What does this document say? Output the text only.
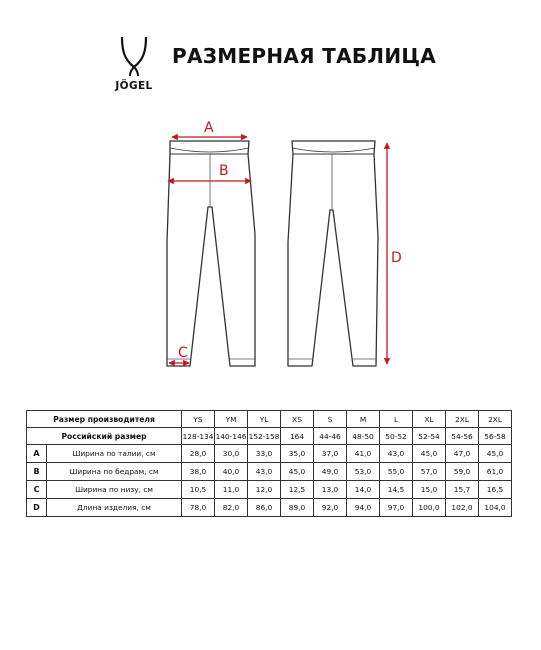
JÖGEL
РАЗМЕРНАЯ ТАБЛИЦА
A
B
C
D
Размер производителя		YS	YM	YL	XS	S	M	L	XL	2XL	2XL
Российский размер		128-134	140-146	152-158	164	44-46	48-50	50-52	52-54	54-56	56-58
A	Ширина по талии, см	28,0	30,0	33,0	35,0	37,0	41,0	43,0	45,0	47,0	45,0
B	Ширина по бедрам, см	38,0	40,0	43,0	45,0	49,0	53,0	55,0	57,0	59,0	61,0
C	Ширина по низу, см	10,5	11,0	12,0	12,5	13,0	14,0	14,5	15,0	15,7	16,5
D	Длина изделия, см	78,0	82,0	86,0	89,0	92,0	94,0	97,0	100,0	102,0	104,0
